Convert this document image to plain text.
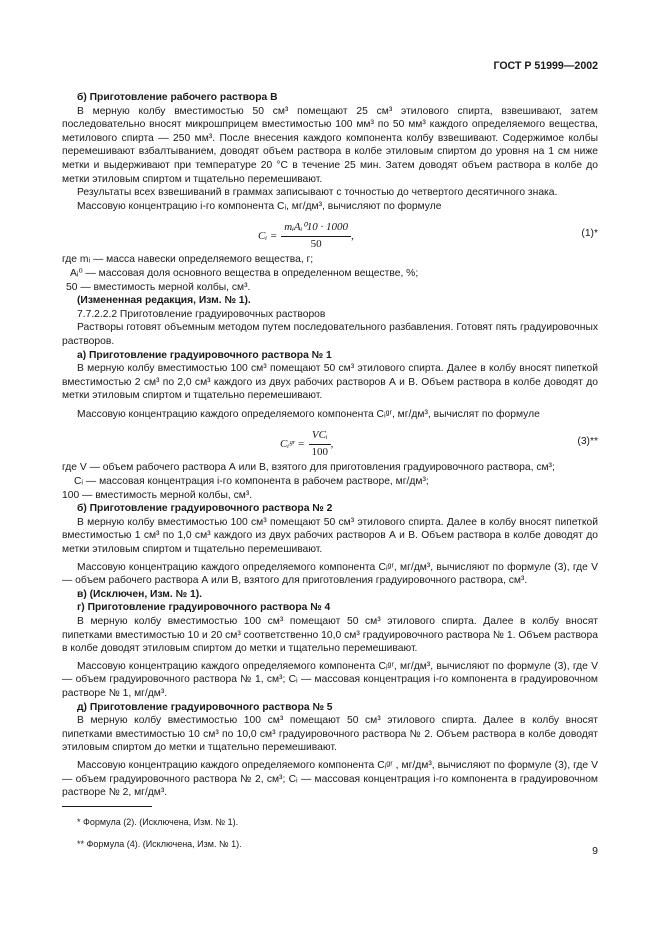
ГОСТ Р 51999—2002

б) Приготовление рабочего раствора В

В мерную колбу вместимостью 50 см³ помещают 25 см³ этилового спирта, взвешивают, затем последовательно вносят микрошприцем вместимостью 100 мм³ по 50 мм³ каждого определяемого вещества, метилового спирта — 250 мм³. После внесения каждого компонента колбу взвешивают. Содержимое колбы перемешивают взбалтыванием, доводят объем раствора в колбе этиловым спиртом до уровня на 1 см ниже метки и выдерживают при температуре 20 °С в течение 25 мин. Затем доводят объем раствора в колбе до метки этиловым спиртом и тщательно перемешивают.

Результаты всех взвешиваний в граммах записывают с точностью до четвертого десятичного знака.

Массовую концентрацию i-го компонента Cᵢ, мг/дм³, вычисляют по формуле

Cᵢ = $\frac{\text{mᵢAᵢ⁰10 · 1000}}{50}$ ,	(1)*

где mᵢ — масса навески определяемого вещества, г;

Aᵢ⁰ — массовая доля основного вещества в определенном веществе, %;

50 — вместимость мерной колбы, см³.

(Измененная редакция, Изм. № 1).

7.7.2.2.2 Приготовление градуировочных растворов

Растворы готовят объемным методом путем последовательного разбавления. Готовят пять градуировочных растворов.

а) Приготовление градуировочного раствора № 1

В мерную колбу вместимостью 100 см³ помещают 50 см³ этилового спирта. Далее в колбу вносят пипеткой вместимостью 2 см³ по 2,0 см³ каждого из двух рабочих растворов А и В. Объем раствора в колбе доводят до метки этиловым спиртом и тщательно перемешивают.

Массовую концентрацию каждого определяемого компонента Cᵢᵍʳ, мг/дм³, вычислят по формуле

Cᵢᵍʳ = $\frac{\text{VCᵢ}}{100}$ ,	(3)**

где V — объем рабочего раствора А или В, взятого для приготовления градуировочного раствора, см³;

Cᵢ — массовая концентрация i-го компонента в рабочем растворе, мг/дм³;

100 — вместимость мерной колбы, см³.

б) Приготовление градуировочного раствора № 2

В мерную колбу вместимостью 100 см³ помещают 50 см³ этилового спирта. Далее в колбу вносят пипеткой вместимостью 1 см³ по 1,0 см³ каждого из двух рабочих растворов А и В. Объем раствора в колбе доводят до метки этиловым спиртом и тщательно перемешивают.

Массовую концентрацию каждого определяемого компонента Cᵢᵍʳ, мг/дм³, вычисляют по формуле (3), где V — объем рабочего раствора А или В, взятого для приготовления градуировочного раствора, см³.

в) (Исключен, Изм. № 1).

г) Приготовление градуировочного раствора № 4

В мерную колбу вместимостью 100 см³ помещают 50 см³ этилового спирта. Далее в колбу вносят пипетками вместимостью 10 и 20 см³ соответственно 10,0 см³ градуировочного раствора № 1. Объем раствора в колбе доводят этиловым спиртом до метки и тщательно перемешивают.

Массовую концентрацию каждого определяемого компонента Cᵢᵍʳ, мг/дм³, вычисляют по формуле (3), где V — объем градуировочного раствора № 1, см³; Cᵢ — массовая концентрация i-го компонента в градуировочном растворе № 1, мг/дм³.

д) Приготовление градуировочного раствора № 5

В мерную колбу вместимостью 100 см³ помещают 50 см³ этилового спирта. Далее в колбу вносят пипетками вместимостью 10 см³ по 10,0 см³ градуировочного раствора № 2. Объем раствора в колбе доводят этиловым спиртом до метки и тщательно перемешивают.

Массовую концентрацию каждого определяемого компонента Cᵢᵍʳ , мг/дм³, вычисляют по формуле (3), где V — объем градуировочного раствора № 2, см³; Cᵢ — массовая концентрация i-го компонента в градуировочном растворе № 2, мг/дм³.

* Формула (2). (Исключена, Изм. № 1).

** Формула (4). (Исключена, Изм. № 1).

9
